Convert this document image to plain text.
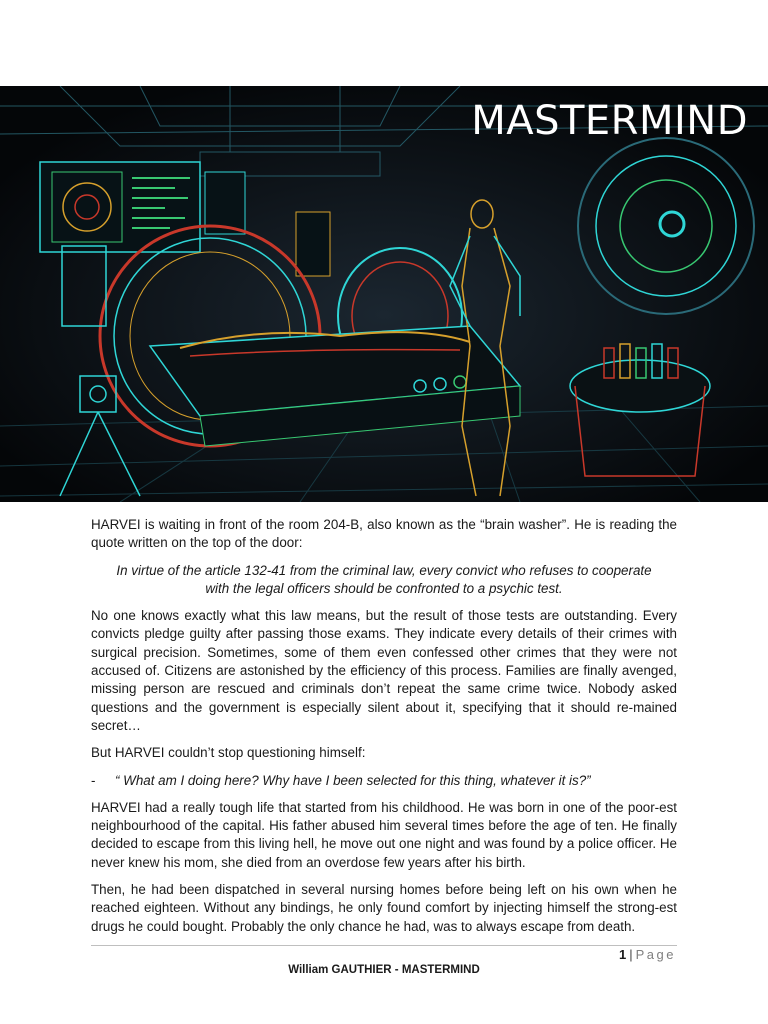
MASTERMIND

HARVEI is waiting in front of the room 204-B, also known as the “brain washer”. He is reading the quote written on the top of the door:

In virtue of the article 132-41 from the criminal law, every convict who refuses to cooperate with the legal officers should be confronted to a psychic test.

No one knows exactly what this law means, but the result of those tests are outstanding. Every convicts pledge guilty after passing those exams. They indicate every details of their crimes with surgical precision. Sometimes, some of them even confessed other crimes that they were not accused of. Citizens are astonished by the efficiency of this process. Families are finally avenged, missing person are rescued and criminals don’t repeat the same crime twice. Nobody asked questions and the government is especially silent about it, specifying that it should re-mained secret…

But HARVEI couldn’t stop questioning himself:

-	“ What am I doing here? Why have I been selected for this thing, whatever it is?”

HARVEI had a really tough life that started from his childhood. He was born in one of the poor-est neighbourhood of the capital. His father abused him several times before the age of ten. He finally decided to escape from this living hell, he move out one night and was found by a police officer. He never knew his mom, she died from an overdose few years after his birth.

Then, he had been dispatched in several nursing homes before being left on his own when he reached eighteen. Without any bindings, he only found comfort by injecting himself the strong-est drugs he could bought. Probably the only chance he had, was to always escape from death.

1 | Page
William GAUTHIER - MASTERMIND
